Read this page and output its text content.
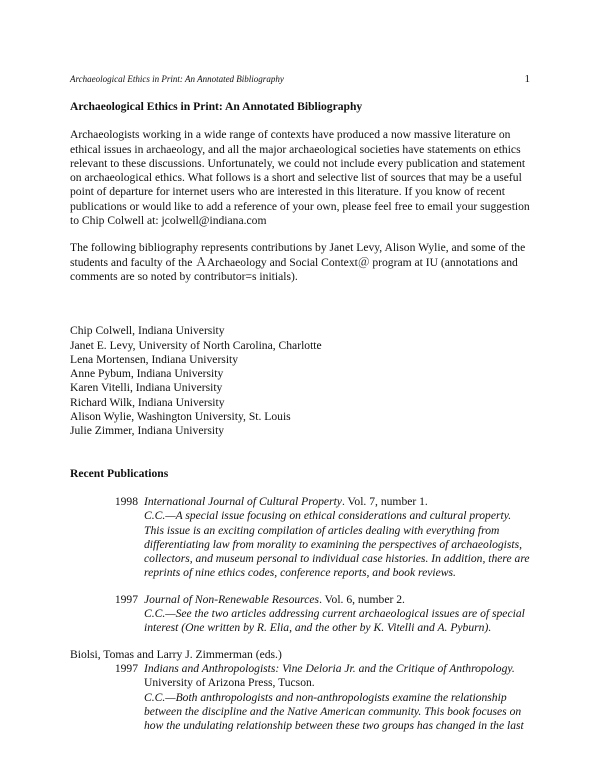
Archaeological Ethics in Print: An Annotated Bibliography	1
Archaeological Ethics in Print: An Annotated Bibliography

Archaeologists working in a wide range of contexts have produced a now massive literature on ethical issues in archaeology, and all the major archaeological societies have statements on ethics relevant to these discussions. Unfortunately, we could not include every publication and statement on archaeological ethics. What follows is a short and selective list of sources that may be a useful point of departure for internet users who are interested in this literature. If you know of recent publications or would like to add a reference of your own, please feel free to email your suggestion to Chip Colwell at: jcolwell@indiana.com

The following bibliography represents contributions by Janet Levy, Alison Wylie, and some of the students and faculty of the ＡArchaeology and Social Context＠ program at IU (annotations and comments are so noted by contributor=s initials).

Chip Colwell, Indiana University
Janet E. Levy, University of North Carolina, Charlotte
Lena Mortensen, Indiana University
Anne Pybum, Indiana University
Karen Vitelli, Indiana University
Richard Wilk, Indiana University
Alison Wylie, Washington University, St. Louis
Julie Zimmer, Indiana University
Recent Publications
1998 International Journal of Cultural Property. Vol. 7, number 1.
C.C.—A special issue focusing on ethical considerations and cultural property. This issue is an exciting compilation of articles dealing with everything from differentiating law from morality to examining the perspectives of archaeologists, collectors, and museum personal to individual case histories. In addition, there are reprints of nine ethics codes, conference reports, and book reviews.
1997 Journal of Non-Renewable Resources. Vol. 6, number 2.
C.C.—See the two articles addressing current archaeological issues are of special interest (One written by R. Elia, and the other by K. Vitelli and A. Pyburn).
Biolsi, Tomas and Larry J. Zimmerman (eds.)
1997 Indians and Anthropologists: Vine Deloria Jr. and the Critique of Anthropology.
University of Arizona Press, Tucson.
C.C.—Both anthropologists and non-anthropologists examine the relationship between the discipline and the Native American community. This book focuses on how the undulating relationship between these two groups has changed in the last
